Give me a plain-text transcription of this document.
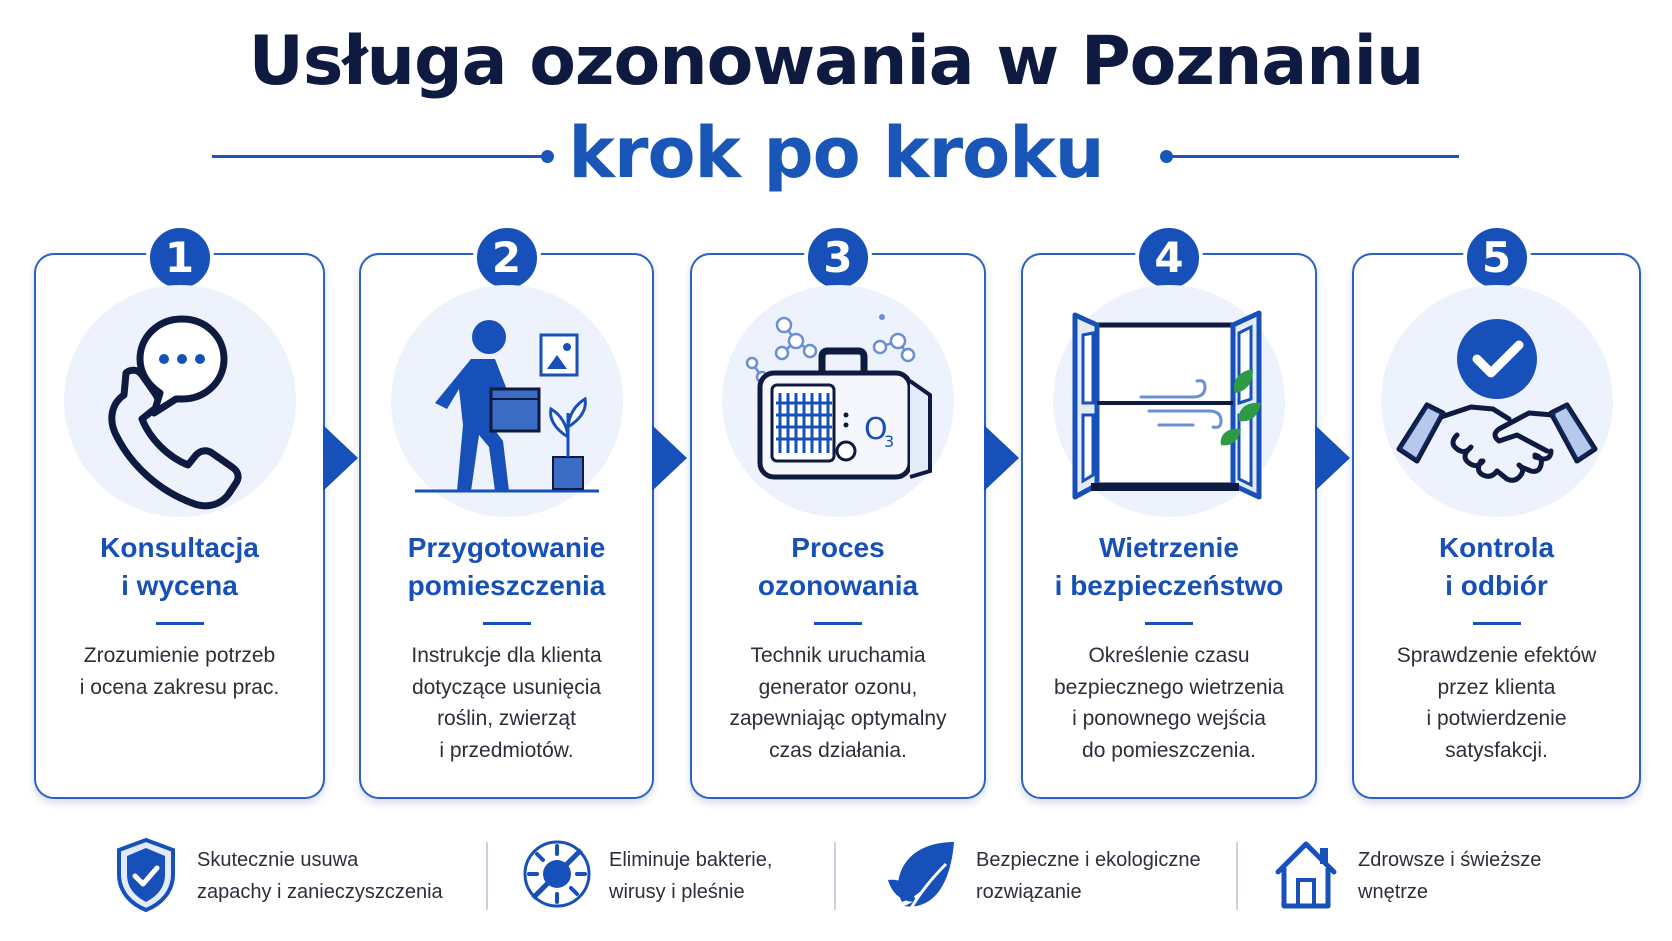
Usługa ozonowania w Poznaniu
krok po kroku
1
Konsultacja
i wycena
Zrozumienie potrzeb
i ocena zakresu prac.
2
Przygotowanie
pomieszczenia
Instrukcje dla klienta
dotyczące usunięcia
roślin, zwierząt
i przedmiotów.
3
O
3
Proces
ozonowania
Technik uruchamia
generator ozonu,
zapewniając optymalny
czas działania.
4
Wietrzenie
i bezpieczeństwo
Określenie czasu
bezpiecznego wietrzenia
i ponownego wejścia
do pomieszczenia.
5
Kontrola
i odbiór
Sprawdzenie efektów
przez klienta
i potwierdzenie
satysfakcji.
Skutecznie usuwa
zapachy i zanieczyszczenia
Eliminuje bakterie,
wirusy i pleśnie
Bezpieczne i ekologiczne
rozwiązanie
Zdrowsze i świeższe
wnętrze
